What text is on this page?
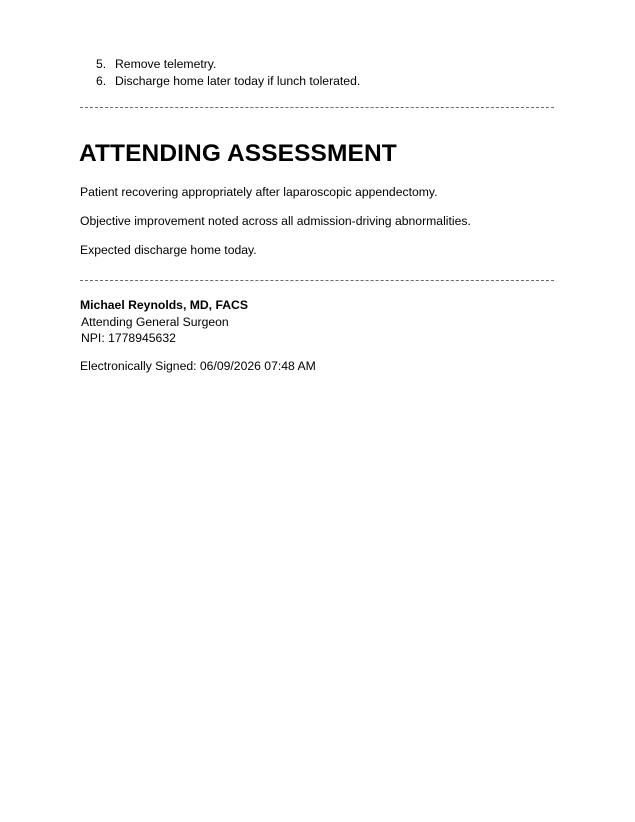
5. Remove telemetry.
6. Discharge home later today if lunch tolerated.
ATTENDING ASSESSMENT

Patient recovering appropriately after laparoscopic appendectomy.

Objective improvement noted across all admission-driving abnormalities.

Expected discharge home today.

Michael Reynolds, MD, FACS
Attending General Surgeon
NPI: 1778945632
Electronically Signed: 06/09/2026 07:48 AM
